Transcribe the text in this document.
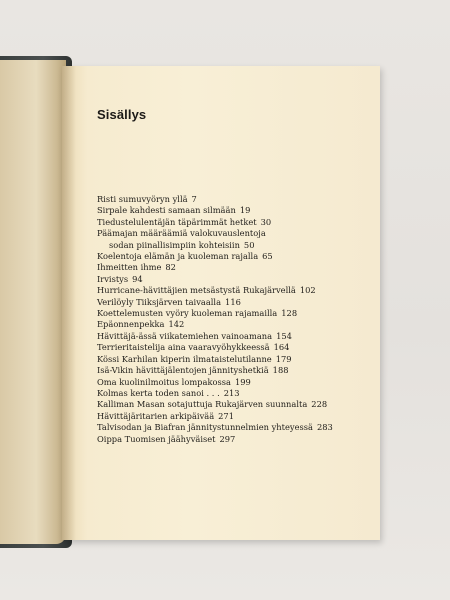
Sisällys
Risti sumuvyöryn yllä 7
Sirpale kahdesti samaan silmään 19
Tiedustelulentäjän täpärimmät hetket 30
Päämajan määräämiä valokuvauslentoja
sodan piinallisimpiin kohteisiin 50
Koelentoja elämän ja kuoleman rajalla 65
Ihmeitten ihme 82
Irvistys 94
Hurricane-hävittäjien metsästystä Rukajärvellä 102
Verilöyly Tiiksjärven taivaalla 116
Koettelemusten vyöry kuoleman rajamailla 128
Epäonnenpekka 142
Hävittäjä-ässä viikatemiehen vainoamana 154
Terrieritaistelija aina vaaravyöhykkeessä 164
Kössi Karhilan kiperin ilmataistelutilanne 179
Isä-Vikin hävittäjälentojen jännityshetkiä 188
Oma kuolinilmoitus lompakossa 199
Kolmas kerta toden sanoi . . . 213
Kalliman Masan sotajuttuja Rukajärven suunnalta 228
Hävittäjäritarien arkipäivää 271
Talvisodan ja Biafran jännitystunnelmien yhteyessä 283
Oippa Tuomisen jäähyväiset 297
